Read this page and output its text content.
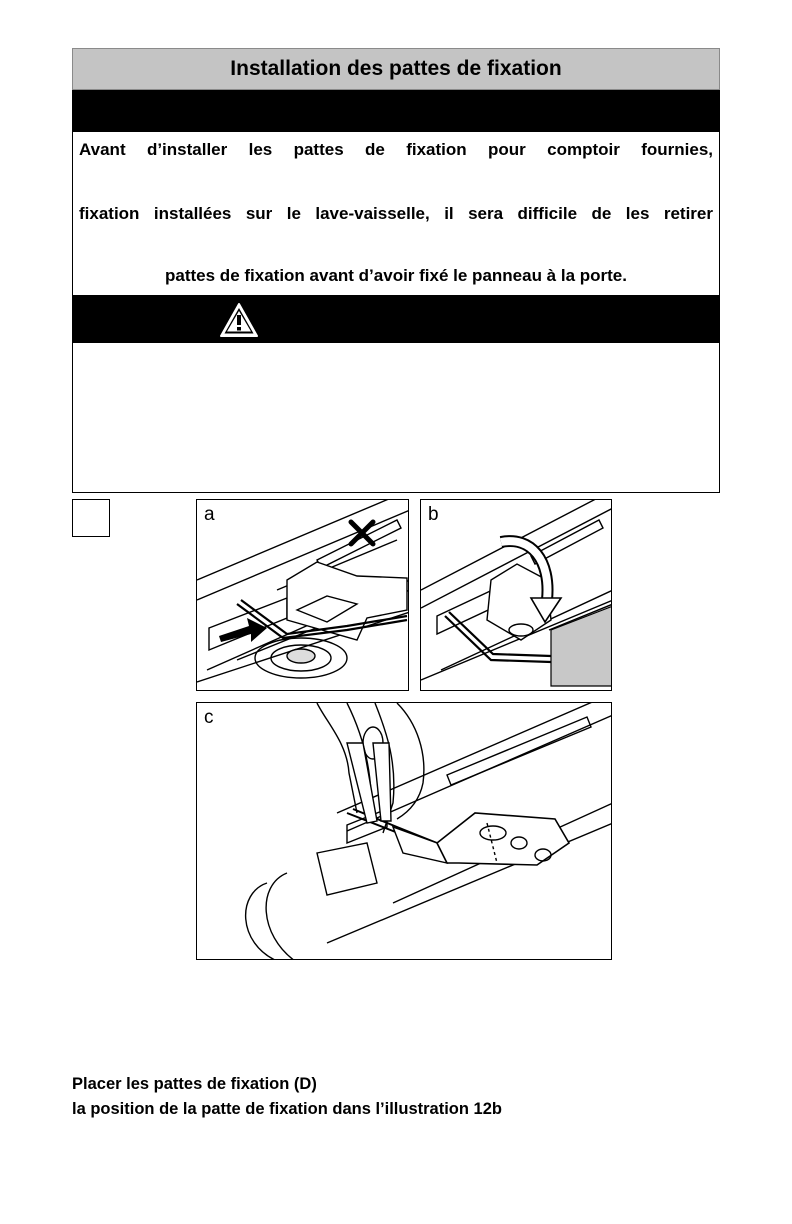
Installation des pattes de fixation
Avant d’installer les pattes de fixation pour comptoir fournies,
fixation installées sur le lave-vaisselle, il sera difficile de les retirer
pattes de fixation avant d’avoir fixé le panneau à la porte.
a	b
c
Placer les pattes de fixation (D)
la position de la patte de fixation dans l’illustration 12b
